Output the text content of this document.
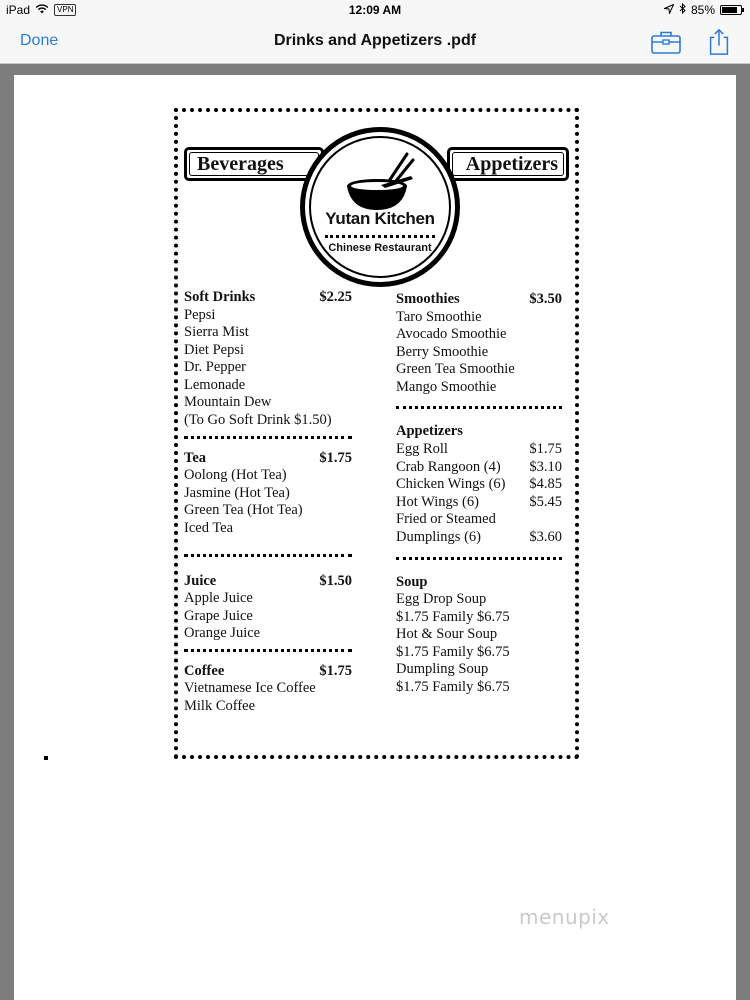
iPad	VPN	12:09 AM	85%
Done	Drinks and Appetizers .pdf
Beverages	Appetizers
Yutan Kitchen
Chinese Restaurant
Soft Drinks	$2.25
Pepsi
Sierra Mist
Diet Pepsi
Dr. Pepper
Lemonade
Mountain Dew
(To Go Soft Drink $1.50)
Tea	$1.75
Oolong (Hot Tea)
Jasmine (Hot Tea)
Green Tea (Hot Tea)
Iced Tea
Juice	$1.50
Apple Juice
Grape Juice
Orange Juice
Coffee	$1.75
Vietnamese Ice Coffee
Milk Coffee
Smoothies	$3.50
Taro Smoothie
Avocado Smoothie
Berry Smoothie
Green Tea Smoothie
Mango Smoothie
Appetizers
Egg Roll	$1.75
Crab Rangoon (4) $3.10
Chicken Wings (6) $4.85
Hot Wings (6)	$5.45
Fried or Steamed
Dumplings (6)	$3.60
Soup
Egg Drop Soup
$1.75 Family $6.75
Hot & Sour Soup
$1.75 Family $6.75
Dumpling Soup
$1.75 Family $6.75
menupix
